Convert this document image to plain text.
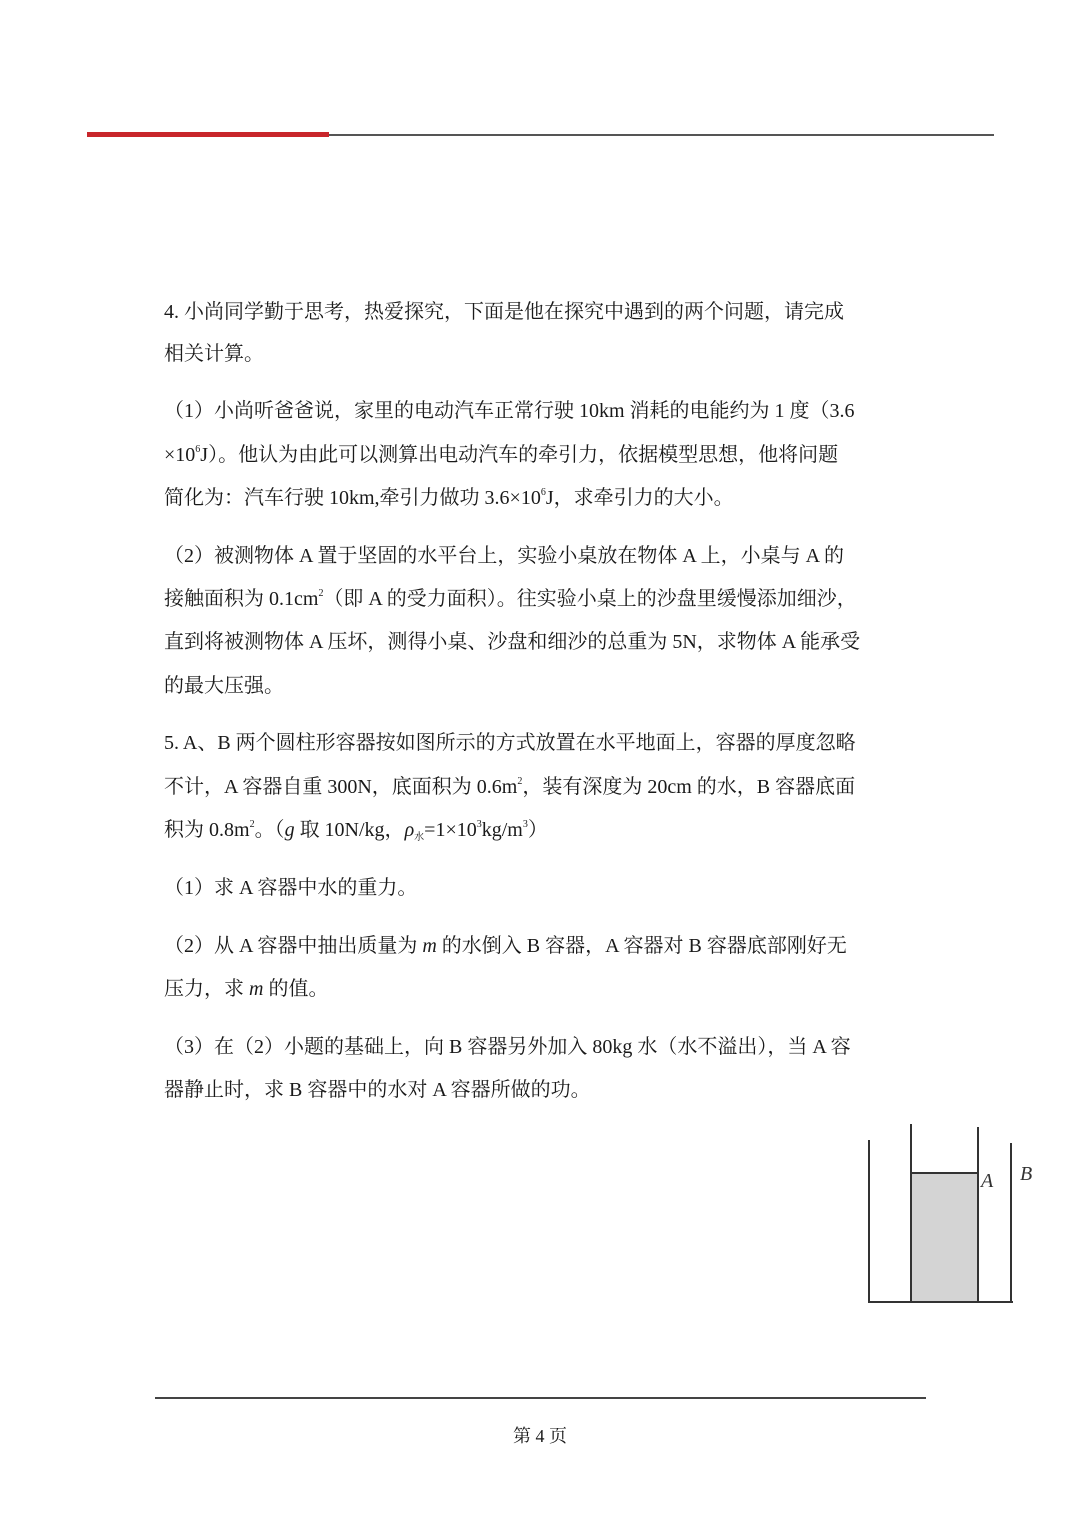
4. 小尚同学勤于思考，热爱探究，下面是他在探究中遇到的两个问题，请完成
相关计算。
（1）小尚听爸爸说，家里的电动汽车正常行驶 10km 消耗的电能约为 1 度（3.6
$\times 10^6J$）。他认为由此可以测算出电动汽车的牵引力，依据模型思想，他将问题
简化为：汽车行驶 10km,牵引力做功 $3.6\times 10^6J$，求牵引力的大小。
（2）被测物体 A 置于坚固的水平台上，实验小桌放在物体 A 上，小桌与 A 的
接触面积为 $0.1cm^2$（即 A 的受力面积）。往实验小桌上的沙盘里缓慢添加细沙，
直到将被测物体 A 压坏，测得小桌、沙盘和细沙的总重为 5N，求物体 A 能承受
的最大压强。
5. A、B 两个圆柱形容器按如图所示的方式放置在水平地面上，容器的厚度忽略
不计，A 容器自重 300N，底面积为 $0.6m^2$，装有深度为 20cm 的水，B 容器底面
积为 $0.8m^2$。（g 取 10N/kg，$\rho_水=1\times 10^3kg/m^3$）
（1）求 A 容器中水的重力。
（2）从 A 容器中抽出质量为 m 的水倒入 B 容器，A 容器对 B 容器底部刚好无
压力，求 m 的值。
（3）在（2）小题的基础上，向 B 容器另外加入 80kg 水（水不溢出），当 A 容
器静止时，求 B 容器中的水对 A 容器所做的功。
A B
第 4 页
